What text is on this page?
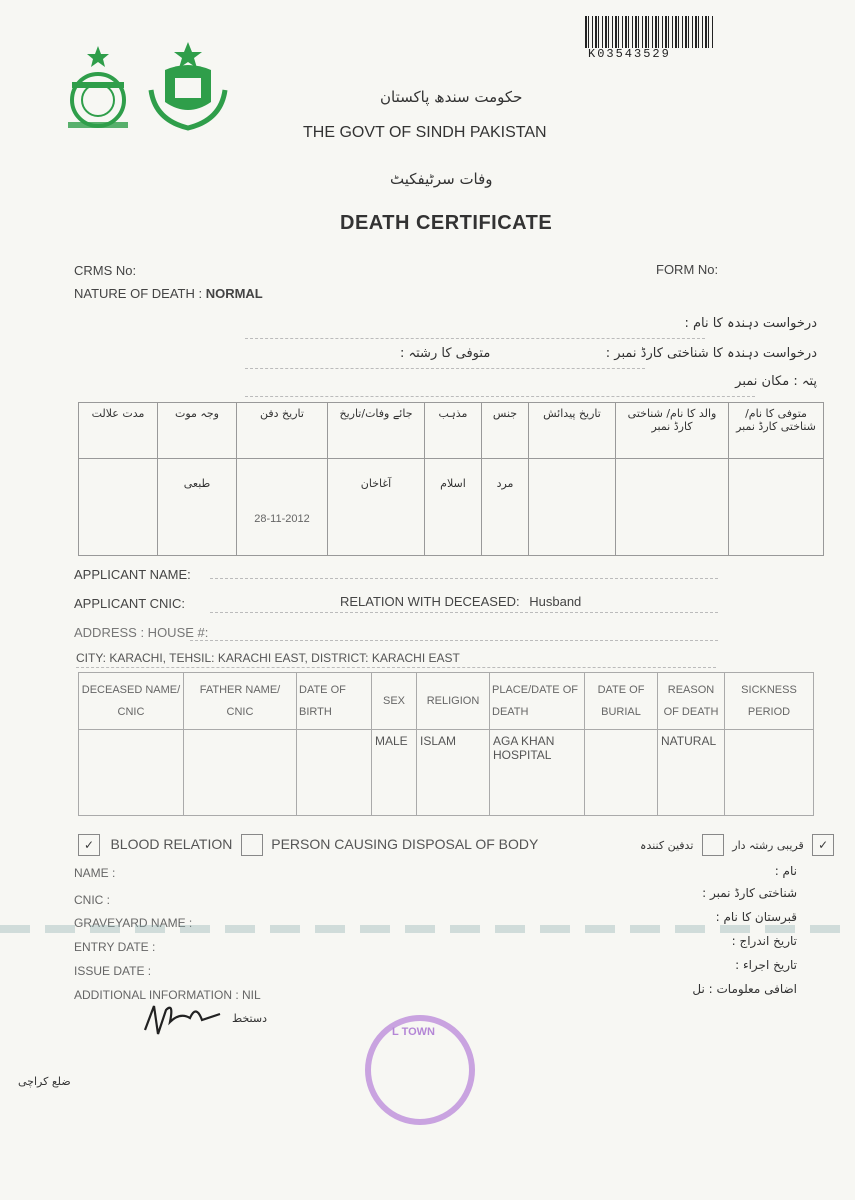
K03543529
حکومت سندھ پاکستان
THE GOVT OF SINDH PAKISTAN
وفات سرٹیفکیٹ
DEATH CERTIFICATE
CRMS No:	FORM No:
NATURE OF DEATH : NORMAL
درخواست دہندہ کا نام :
درخواست دہندہ کا شناختی کارڈ نمبر :
متوفی کا رشتہ :
پتہ : مکان نمبر
مدت علالت	وجہ موت	تاریخ دفن	جائے وفات/تاریخ	مذہب	جنس	تاریخ پیدائش	والد کا نام/ شناختی کارڈ نمبر	متوفی کا نام/ شناختی کارڈ نمبر
	طبعی	28-11-2012	آغاخان	اسلام	مرد			
APPLICANT NAME:
APPLICANT CNIC:	RELATION WITH DECEASED: Husband
ADDRESS : HOUSE #:
CITY: KARACHI, TEHSIL: KARACHI EAST, DISTRICT: KARACHI EAST
DECEASED NAME/ CNIC	FATHER NAME/ CNIC	DATE OF BIRTH	SEX	RELIGION	PLACE/DATE OF DEATH	DATE OF BURIAL	REASON OF DEATH	SICKNESS PERIOD
			MALE	ISLAM	AGA KHAN HOSPITAL		NATURAL	
✓ BLOOD RELATION	PERSON CAUSING DISPOSAL OF BODY	✓ قریبی رشتہ دار  تدفین کنندہ
NAME :
CNIC :
GRAVEYARD NAME :
ENTRY DATE :
ISSUE DATE :
ADDITIONAL INFORMATION : NIL
نام :
شناختی کارڈ نمبر :
قبرستان کا نام :
تاریخ اندراج :
تاریخ اجراء :
اضافی معلومات : نل
دستخط
ضلع کراچی
L TOWN
